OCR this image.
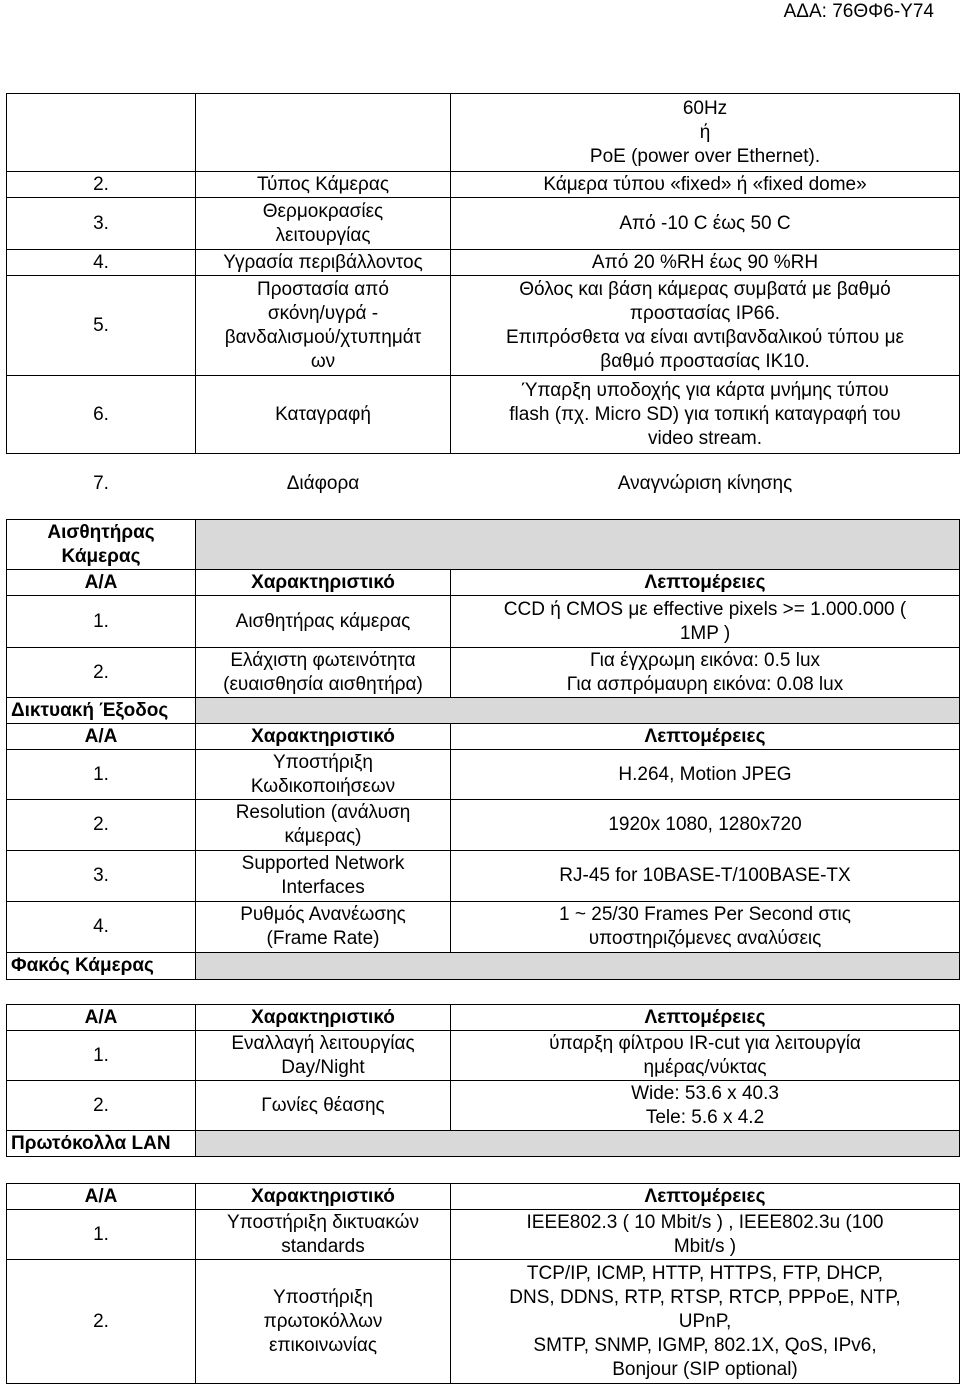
ΑΔΑ: 76ΘΦ6-Υ74
		60Hz
ή
PoE (power over Ethernet).
2.	Τύπος Κάμερας	Κάμερα τύπου «fixed» ή «fixed dome»
3.	Θερμοκρασίες
λειτουργίας	Από -10 C έως 50 C
4.	Υγρασία περιβάλλοντος	Από 20 %RH έως 90 %RH
5.	Προστασία από
σκόνη/υγρά -
βανδαλισμού/χτυπημάτ
ων	Θόλος και βάση κάμερας συμβατά με βαθμό
προστασίας IP66.
Επιπρόσθετα να είναι αντιβανδαλικού τύπου με
βαθμό προστασίας IK10.
6.	Καταγραφή	Ύπαρξη υποδοχής για κάρτα μνήμης τύπου
flash (πχ. Micro SD) για τοπική καταγραφή του
video stream.
7.	Διάφορα	Αναγνώριση κίνησης
Αισθητήρας
Κάμερας		
Α/Α	Χαρακτηριστικό	Λεπτομέρειες
1.	Αισθητήρας κάμερας	CCD ή CMOS με effective pixels >= 1.000.000 (
1MP )
2.	Ελάχιστη φωτεινότητα
(ευαισθησία αισθητήρα)	Για έγχρωμη εικόνα: 0.5 lux
Για ασπρόμαυρη εικόνα: 0.08 lux
Δικτυακή Έξοδος		
Α/Α	Χαρακτηριστικό	Λεπτομέρειες
1.	Υποστήριξη
Κωδικοποιήσεων	H.264, Motion JPEG
2.	Resolution (ανάλυση
κάμερας)	1920x 1080, 1280x720
3.	Supported Network
Interfaces	RJ-45 for 10BASE-T/100BASE-TX
4.	Ρυθμός Ανανέωσης
(Frame Rate)	1 ~ 25/30 Frames Per Second στις
υποστηριζόμενες αναλύσεις
Φακός Κάμερας		
Α/Α	Χαρακτηριστικό	Λεπτομέρειες
1.	Εναλλαγή λειτουργίας
Day/Night	ύπαρξη φίλτρου IR-cut για λειτουργία
ημέρας/νύκτας
2.	Γωνίες θέασης	Wide: 53.6 x 40.3
Tele: 5.6 x 4.2
Πρωτόκολλα LAN		
Α/Α	Χαρακτηριστικό	Λεπτομέρειες
1.	Υποστήριξη δικτυακών
standards	IEEE802.3 ( 10 Mbit/s ) , IEEE802.3u (100
Mbit/s )
2.	Υποστήριξη
πρωτοκόλλων
επικοινωνίας	TCP/IP, ICMP, HTTP, HTTPS, FTP, DHCP,
DNS, DDNS, RTP, RTSP, RTCP, PPPoE, NTP,
UPnP,
SMTP, SNMP, IGMP, 802.1X, QoS, IPv6,
Bonjour (SIP optional)
